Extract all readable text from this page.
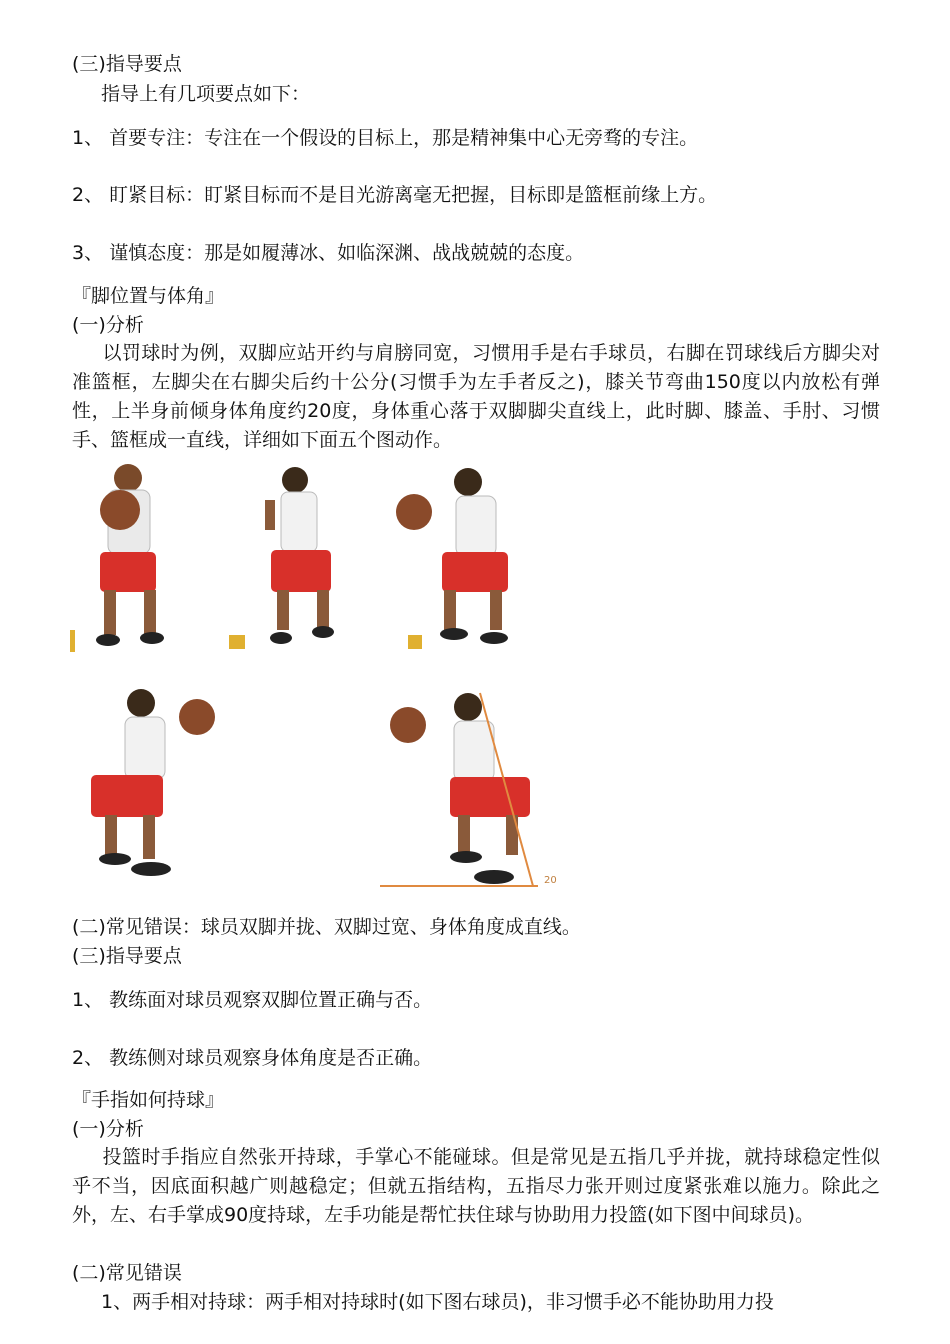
(三)指导要点
指导上有几项要点如下：
1、 首要专注：专注在一个假设的目标上，那是精神集中心无旁骛的专注。
2、 盯紧目标：盯紧目标而不是目光游离毫无把握，目标即是篮框前缘上方。
3、 谨慎态度：那是如履薄冰、如临深渊、战战兢兢的态度。
『脚位置与体角』
(一)分析
以罚球时为例，双脚应站开约与肩膀同宽，习惯用手是右手球员，右脚在罚球线后方脚尖对准篮框，左脚尖在右脚尖后约十公分(习惯手为左手者反之)，膝关节弯曲150度以内放松有弹性，上半身前倾身体角度约20度，身体重心落于双脚脚尖直线上，此时脚、膝盖、手肘、习惯手、篮框成一直线，详细如下面五个图动作。
20
(二)常见错误：球员双脚并拢、双脚过宽、身体角度成直线。
(三)指导要点
1、 教练面对球员观察双脚位置正确与否。
2、 教练侧对球员观察身体角度是否正确。
『手指如何持球』
(一)分析
投篮时手指应自然张开持球，手掌心不能碰球。但是常见是五指几乎并拢，就持球稳定性似乎不当，因底面积越广则越稳定；但就五指结构，五指尽力张开则过度紧张难以施力。除此之外，左、右手掌成90度持球，左手功能是帮忙扶住球与协助用力投篮(如下图中间球员)。
(二)常见错误
1、两手相对持球：两手相对持球时(如下图右球员)，非习惯手必不能协助用力投
